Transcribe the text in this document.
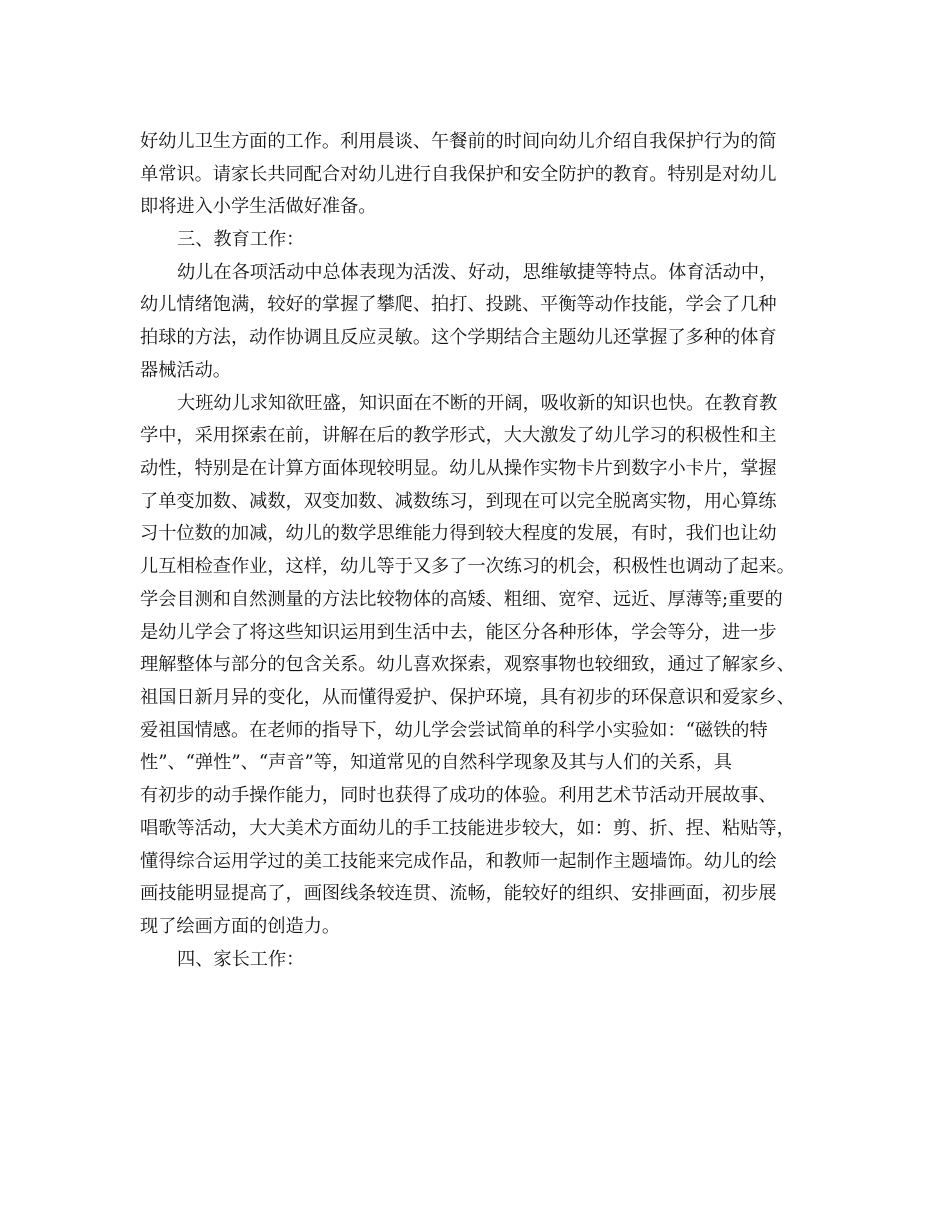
好幼儿卫生方面的工作。利用晨谈、午餐前的时间向幼儿介绍自我保护行为的简

单常识。请家长共同配合对幼儿进行自我保护和安全防护的教育。特别是对幼儿

即将进入小学生活做好准备。

三、教育工作：

幼儿在各项活动中总体表现为活泼、好动，思维敏捷等特点。体育活动中，

幼儿情绪饱满，较好的掌握了攀爬、拍打、投跳、平衡等动作技能，学会了几种

拍球的方法，动作协调且反应灵敏。这个学期结合主题幼儿还掌握了多种的体育

器械活动。

大班幼儿求知欲旺盛，知识面在不断的开阔，吸收新的知识也快。在教育教

学中，采用探索在前，讲解在后的教学形式，大大激发了幼儿学习的积极性和主

动性，特别是在计算方面体现较明显。幼儿从操作实物卡片到数字小卡片，掌握

了单变加数、减数，双变加数、减数练习，到现在可以完全脱离实物，用心算练

习十位数的加减，幼儿的数学思维能力得到较大程度的发展，有时，我们也让幼

儿互相检查作业，这样，幼儿等于又多了一次练习的机会，积极性也调动了起来。

学会目测和自然测量的方法比较物体的高矮、粗细、宽窄、远近、厚薄等;重要的

是幼儿学会了将这些知识运用到生活中去，能区分各种形体，学会等分，进一步

理解整体与部分的包含关系。幼儿喜欢探索，观察事物也较细致，通过了解家乡、

祖国日新月异的变化，从而懂得爱护、保护环境，具有初步的环保意识和爱家乡、

爱祖国情感。在老师的指导下，幼儿学会尝试简单的科学小实验如：“磁铁的特

性”、“弹性”、“声音”等，知道常见的自然科学现象及其与人们的关系，具

有初步的动手操作能力，同时也获得了成功的体验。利用艺术节活动开展故事、

唱歌等活动，大大美术方面幼儿的手工技能进步较大，如：剪、折、捏、粘贴等，

懂得综合运用学过的美工技能来完成作品，和教师一起制作主题墙饰。幼儿的绘

画技能明显提高了，画图线条较连贯、流畅，能较好的组织、安排画面，初步展

现了绘画方面的创造力。

四、家长工作：
